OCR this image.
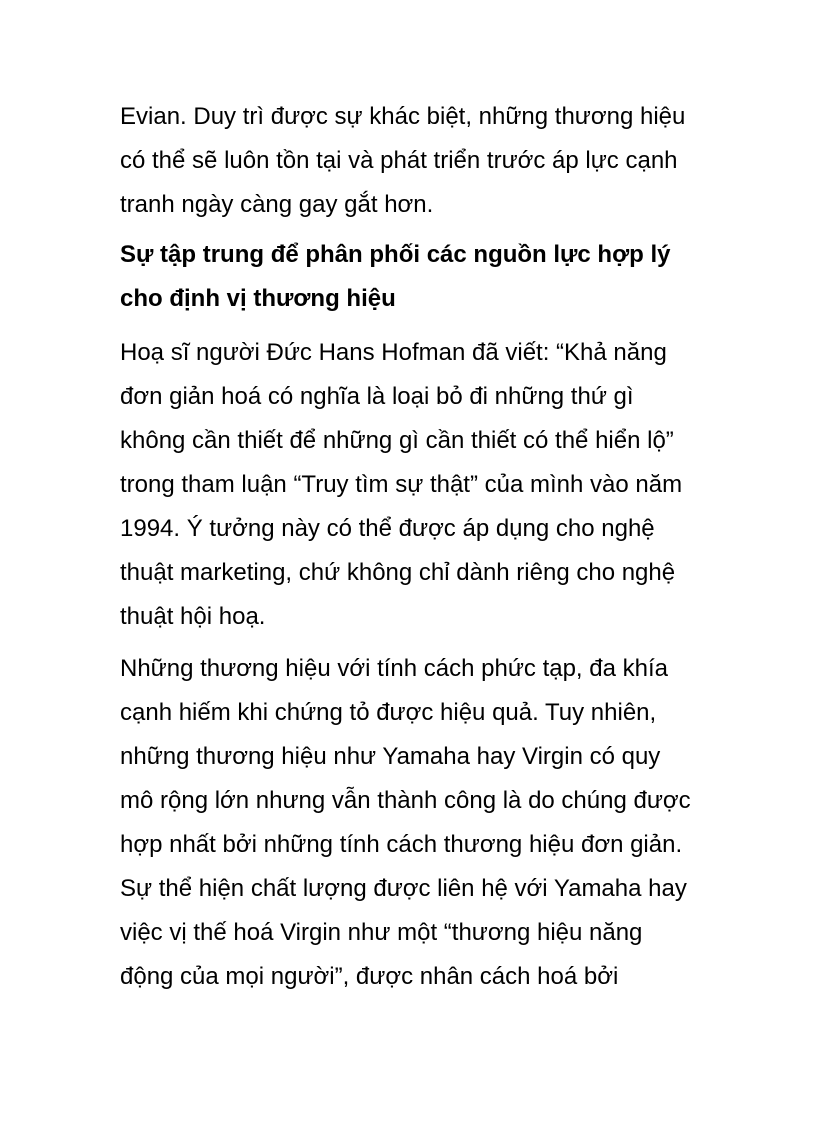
Evian. Duy trì được sự khác biệt, những thương hiệu

có thể sẽ luôn tồn tại và phát triển trước áp lực cạnh

tranh ngày càng gay gắt hơn.

Sự tập trung để phân phối các nguồn lực hợp lý

cho định vị thương hiệu

Hoạ sĩ người Đức Hans Hofman đã viết: “Khả năng

đơn giản hoá có nghĩa là loại bỏ đi những thứ gì

không cần thiết để những gì cần thiết có thể hiển lộ”

trong tham luận “Truy tìm sự thật” của mình vào năm

1994. Ý tưởng này có thể được áp dụng cho nghệ

thuật marketing, chứ không chỉ dành riêng cho nghệ

thuật hội hoạ.

Những thương hiệu với tính cách phức tạp, đa khía

cạnh hiếm khi chứng tỏ được hiệu quả. Tuy nhiên,

những thương hiệu như Yamaha hay Virgin có quy

mô rộng lớn nhưng vẫn thành công là do chúng được

hợp nhất bởi những tính cách thương hiệu đơn giản.

Sự thể hiện chất lượng được liên hệ với Yamaha hay

việc vị thế hoá Virgin như một “thương hiệu năng

động của mọi người”, được nhân cách hoá bởi
